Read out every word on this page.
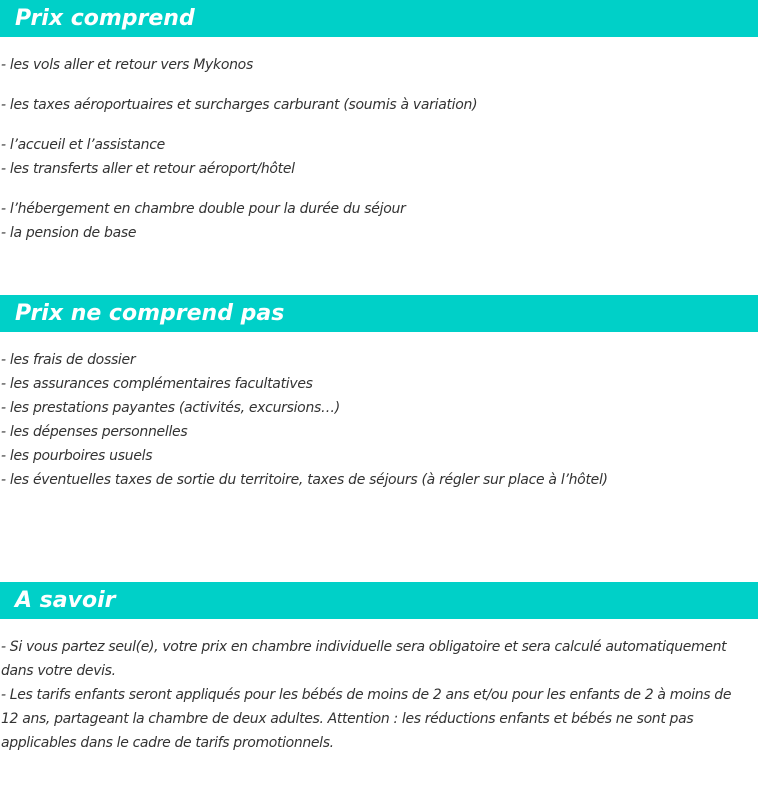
Prix comprend
- les vols aller et retour vers Mykonos
- les taxes aéroportuaires et surcharges carburant (soumis à variation)
- l’accueil et l’assistance
- les transferts aller et retour aéroport/hôtel
- l’hébergement en chambre double pour la durée du séjour
- la pension de base
Prix ne comprend pas
- les frais de dossier
- les assurances complémentaires facultatives
- les prestations payantes (activités, excursions…)
- les dépenses personnelles
- les pourboires usuels
- les éventuelles taxes de sortie du territoire, taxes de séjours (à régler sur place à l’hôtel)
A savoir
- Si vous partez seul(e), votre prix en chambre individuelle sera obligatoire et sera calculé automatiquement dans votre devis.
- Les tarifs enfants seront appliqués pour les bébés de moins de 2 ans et/ou pour les enfants de 2 à moins de 12 ans, partageant la chambre de deux adultes. Attention : les réductions enfants et bébés ne sont pas applicables dans le cadre de tarifs promotionnels.
